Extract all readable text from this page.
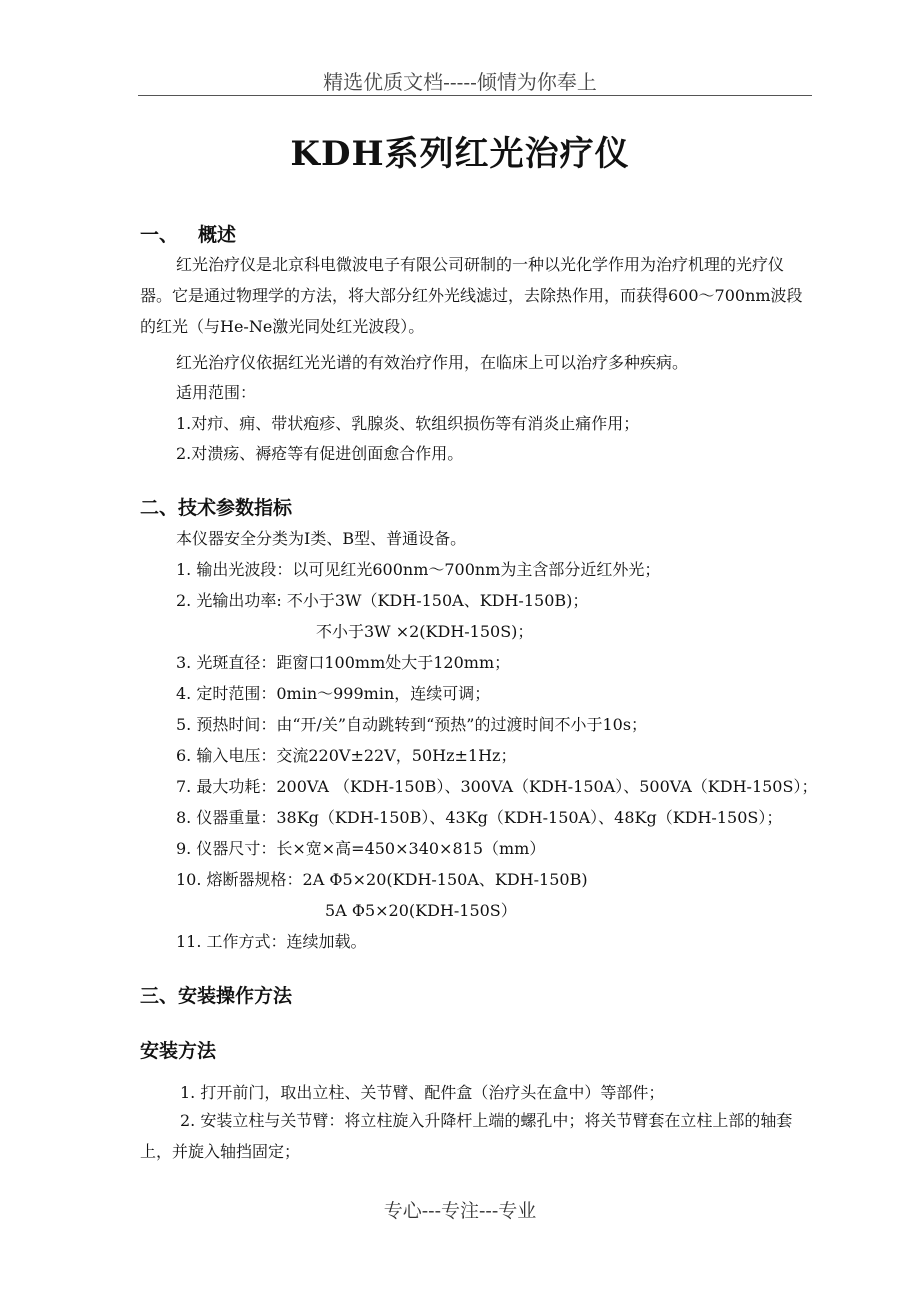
精选优质文档-----倾情为你奉上
KDH系列红光治疗仪
一、 概述
红光治疗仪是北京科电微波电子有限公司研制的一种以光化学作用为治疗机理的光疗仪器。它是通过物理学的方法，将大部分红外光线滤过，去除热作用，而获得600～700nm波段的红光（与He-Ne激光同处红光波段）。
红光治疗仪依据红光光谱的有效治疗作用，在临床上可以治疗多种疾病。
适用范围：
1.对疖、痈、带状疱疹、乳腺炎、软组织损伤等有消炎止痛作用；
2.对溃疡、褥疮等有促进创面愈合作用。
二、技术参数指标
本仪器安全分类为Ⅰ类、B型、普通设备。
1. 输出光波段：以可见红光600nm～700nm为主含部分近红外光；
2. 光输出功率: 不小于3W（KDH-150A、KDH-150B)；
不小于3W ×2(KDH-150S)；
3. 光斑直径：距窗口100mm处大于120mm；
4. 定时范围：0min～999min，连续可调；
5. 预热时间：由“开/关”自动跳转到“预热”的过渡时间不小于10s；
6. 输入电压：交流220V±22V，50Hz±1Hz；
7. 最大功耗：200VA （KDH-150B）、300VA（KDH-150A）、500VA（KDH-150S）；
8. 仪器重量：38Kg（KDH-150B）、43Kg（KDH-150A）、48Kg（KDH-150S）；
9. 仪器尺寸：长×宽×高=450×340×815（mm）
10. 熔断器规格：2A Φ5×20(KDH-150A、KDH-150B)
5A Φ5×20(KDH-150S）
11. 工作方式：连续加载。
三、安装操作方法
安装方法
1. 打开前门，取出立柱、关节臂、配件盒（治疗头在盒中）等部件；
2. 安装立柱与关节臂：将立柱旋入升降杆上端的螺孔中；将关节臂套在立柱上部的轴套上，并旋入轴挡固定；
专心---专注---专业
